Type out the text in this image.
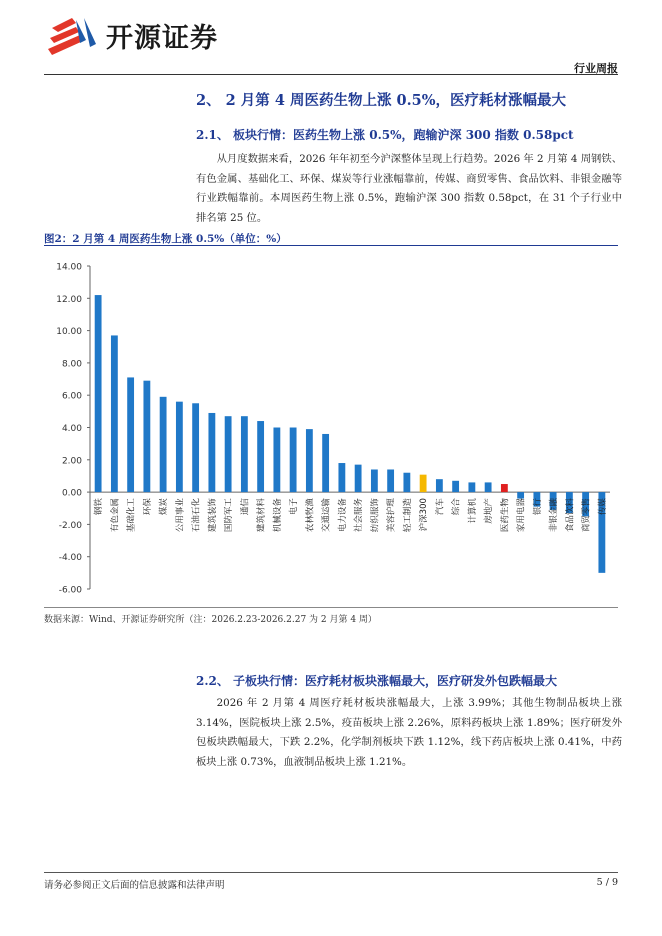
开源证券
行业周报
2、 2 月第 4 周医药生物上涨 0.5%，医疗耗材涨幅最大
2.1、 板块行情：医药生物上涨 0.5%，跑输沪深 300 指数 0.58pct

从月度数据来看，2026 年年初至今沪深整体呈现上行趋势。2026 年 2 月第 4 周钢铁、有色金属、基础化工、环保、煤炭等行业涨幅靠前，传媒、商贸零售、食品饮料、非银金融等行业跌幅靠前。本周医药生物上涨 0.5%，跑输沪深 300 指数 0.58pct，在 31 个子行业中排名第 25 位。

图2：2 月第 4 周医药生物上涨 0.5%（单位：%）
14.00
12.00
10.00
8.00
6.00
4.00
2.00
0.00
-2.00
-4.00
-6.00
钢铁 有色金属 基础化工 环保 煤炭 公用事业 石油石化 建筑装饰 国防军工 通信 建筑材料 机械设备 电子 农林牧渔 交通运输 电力设备 社会服务 纺织服饰 美容护理 轻工制造 沪深300 汽车 综合 计算机 房地产 医药生物 家用电器 银行 非银金融 食品饮料 商贸零售 传媒
数据来源：Wind、开源证券研究所（注：2026.2.23-2026.2.27 为 2 月第 4 周）
2.2、 子板块行情：医疗耗材板块涨幅最大，医疗研发外包跌幅最大

2026 年 2 月第 4 周医疗耗材板块涨幅最大，上涨 3.99%；其他生物制品板块上涨 3.14%，医院板块上涨 2.5%，疫苗板块上涨 2.26%，原料药板块上涨 1.89%；医疗研发外包板块跌幅最大，下跌 2.2%，化学制剂板块下跌 1.12%，线下药店板块上涨 0.41%，中药板块上涨 0.73%，血液制品板块上涨 1.21%。

请务必参阅正文后面的信息披露和法律声明	5 / 9
